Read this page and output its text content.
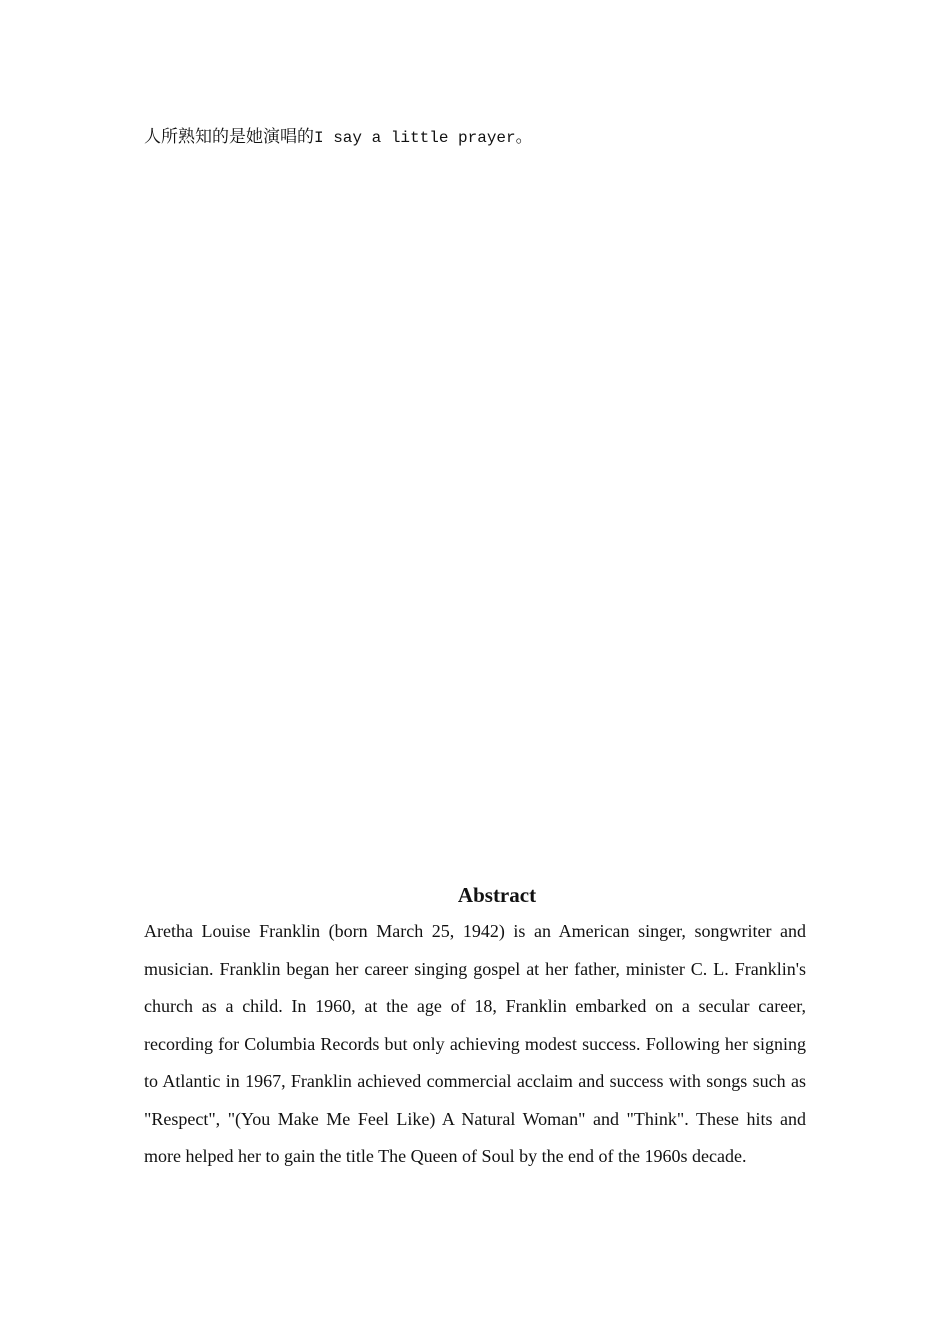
人所熟知的是她演唱的I say a little prayer。
Abstract

Aretha Louise Franklin (born March 25, 1942) is an American singer, songwriter and musician. Franklin began her career singing gospel at her father, minister C. L. Franklin's church as a child. In 1960, at the age of 18, Franklin embarked on a secular career, recording for Columbia Records but only achieving modest success. Following her signing to Atlantic in 1967, Franklin achieved commercial acclaim and success with songs such as "Respect", "(You Make Me Feel Like) A Natural Woman" and "Think". These hits and more helped her to gain the title The Queen of Soul by the end of the 1960s decade.
